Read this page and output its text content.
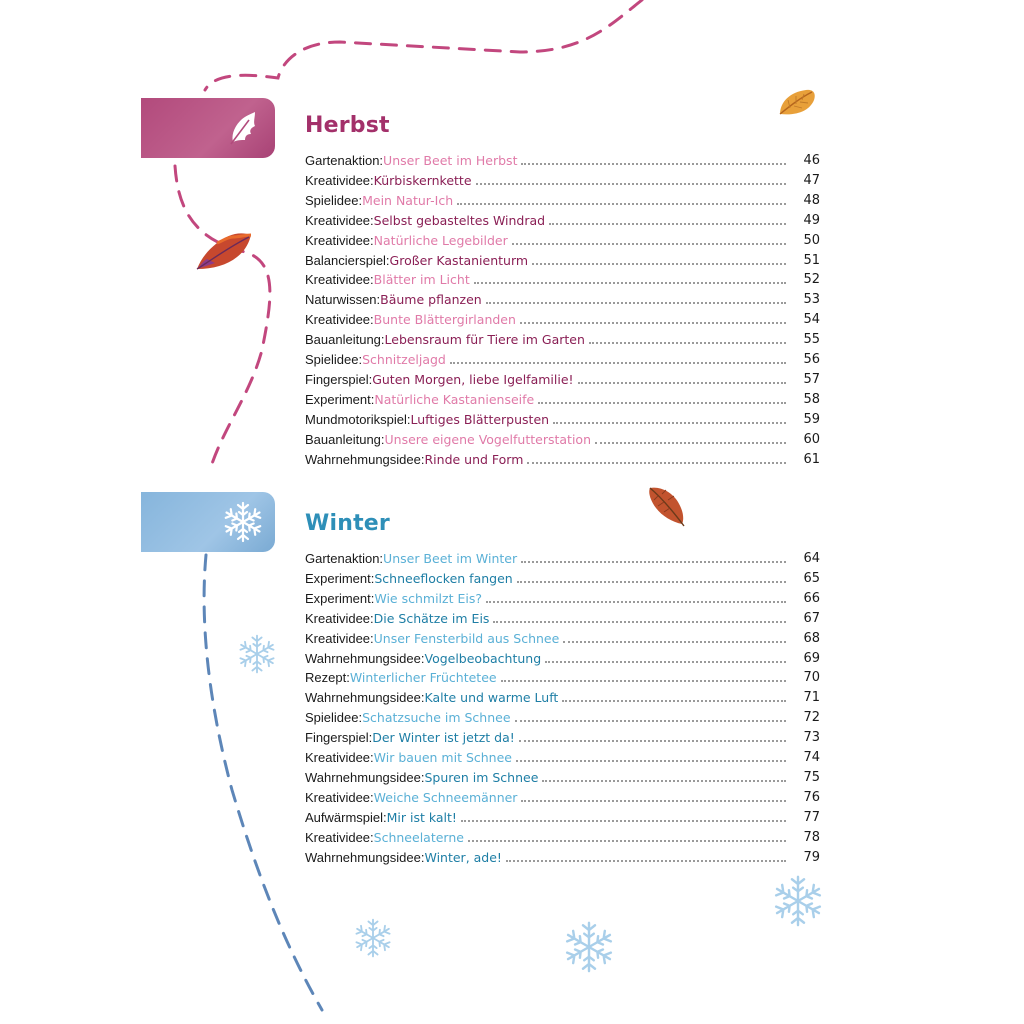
Herbst
Gartenaktion: Unser Beet im Herbst	46
Kreatividee: Kürbiskernkette	47
Spielidee: Mein Natur-Ich	48
Kreatividee: Selbst gebasteltes Windrad	49
Kreatividee: Natürliche Legebilder	50
Balancierspiel: Großer Kastanienturm	51
Kreatividee: Blätter im Licht	52
Naturwissen: Bäume pflanzen	53
Kreatividee: Bunte Blättergirlanden	54
Bauanleitung: Lebensraum für Tiere im Garten	55
Spielidee: Schnitzeljagd	56
Fingerspiel: Guten Morgen, liebe Igelfamilie!	57
Experiment: Natürliche Kastanienseife	58
Mundmotorikspiel: Luftiges Blätterpusten	59
Bauanleitung: Unsere eigene Vogelfutterstation	60
Wahrnehmungsidee: Rinde und Form	61
Winter
Gartenaktion: Unser Beet im Winter	64
Experiment: Schneeflocken fangen	65
Experiment: Wie schmilzt Eis?	66
Kreatividee: Die Schätze im Eis	67
Kreatividee: Unser Fensterbild aus Schnee	68
Wahrnehmungsidee: Vogelbeobachtung	69
Rezept: Winterlicher Früchtetee	70
Wahrnehmungsidee: Kalte und warme Luft	71
Spielidee: Schatzsuche im Schnee	72
Fingerspiel: Der Winter ist jetzt da!	73
Kreatividee: Wir bauen mit Schnee	74
Wahrnehmungsidee: Spuren im Schnee	75
Kreatividee: Weiche Schneemänner	76
Aufwärmspiel: Mir ist kalt!	77
Kreatividee: Schneelaterne	78
Wahrnehmungsidee: Winter, ade!	79
